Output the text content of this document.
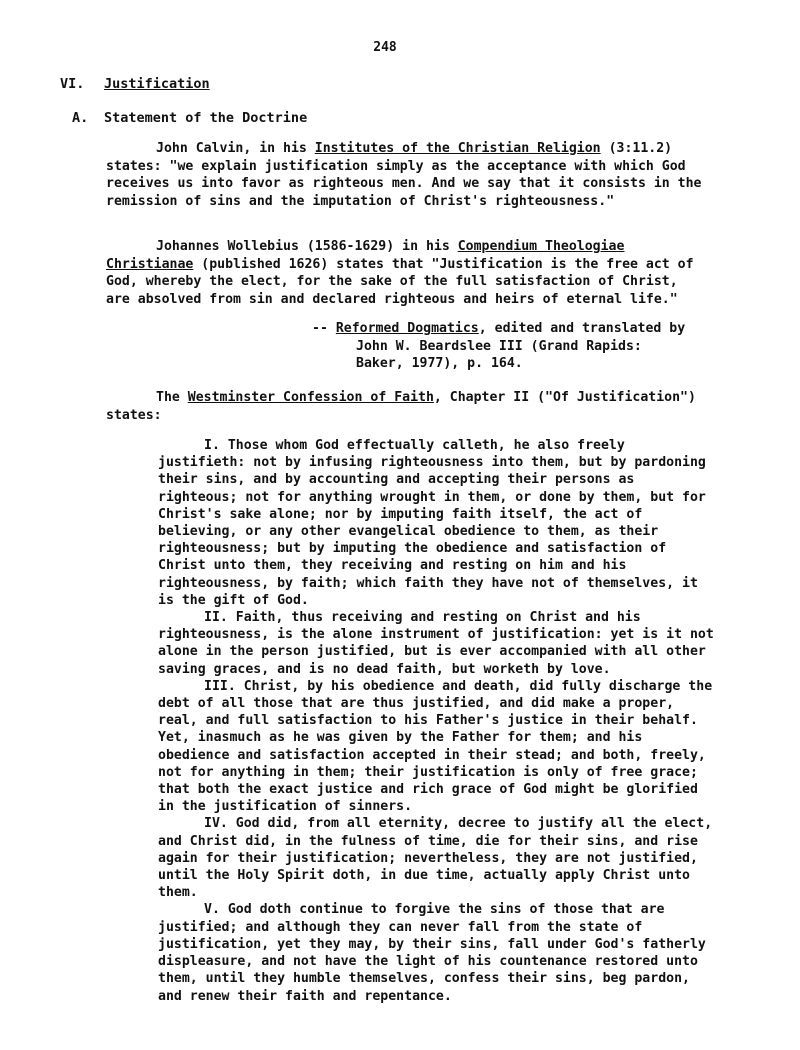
248
VI. Justification
A. Statement of the Doctrine

John Calvin, in his Institutes of the Christian Religion (3:11.2) states: "we explain justification simply as the acceptance with which God receives us into favor as righteous men. And we say that it consists in the remission of sins and the imputation of Christ's righteousness."

Johannes Wollebius (1586-1629) in his Compendium Theologiae Christianae (published 1626) states that "Justification is the free act of God, whereby the elect, for the sake of the full satisfaction of Christ, are absolved from sin and declared righteous and heirs of eternal life."

-- Reformed Dogmatics, edited and translated by
John W. Beardslee III (Grand Rapids:
Baker, 1977), p. 164.

The Westminster Confession of Faith, Chapter II ("Of Justification") states:

I. Those whom God effectually calleth, he also freely justifieth: not by infusing righteousness into them, but by pardoning their sins, and by accounting and accepting their persons as righteous; not for anything wrought in them, or done by them, but for Christ's sake alone; nor by imputing faith itself, the act of believing, or any other evangelical obedience to them, as their righteousness; but by imputing the obedience and satisfaction of Christ unto them, they receiving and resting on him and his righteousness, by faith; which faith they have not of themselves, it is the gift of God.

II. Faith, thus receiving and resting on Christ and his righteousness, is the alone instrument of justification: yet is it not alone in the person justified, but is ever accompanied with all other saving graces, and is no dead faith, but worketh by love.

III. Christ, by his obedience and death, did fully discharge the debt of all those that are thus justified, and did make a proper, real, and full satisfaction to his Father's justice in their behalf. Yet, inasmuch as he was given by the Father for them; and his obedience and satisfaction accepted in their stead; and both, freely, not for anything in them; their justification is only of free grace; that both the exact justice and rich grace of God might be glorified in the justification of sinners.

IV. God did, from all eternity, decree to justify all the elect, and Christ did, in the fulness of time, die for their sins, and rise again for their justification; nevertheless, they are not justified, until the Holy Spirit doth, in due time, actually apply Christ unto them.

V. God doth continue to forgive the sins of those that are justified; and although they can never fall from the state of justification, yet they may, by their sins, fall under God's fatherly displeasure, and not have the light of his countenance restored unto them, until they humble themselves, confess their sins, beg pardon, and renew their faith and repentance.
